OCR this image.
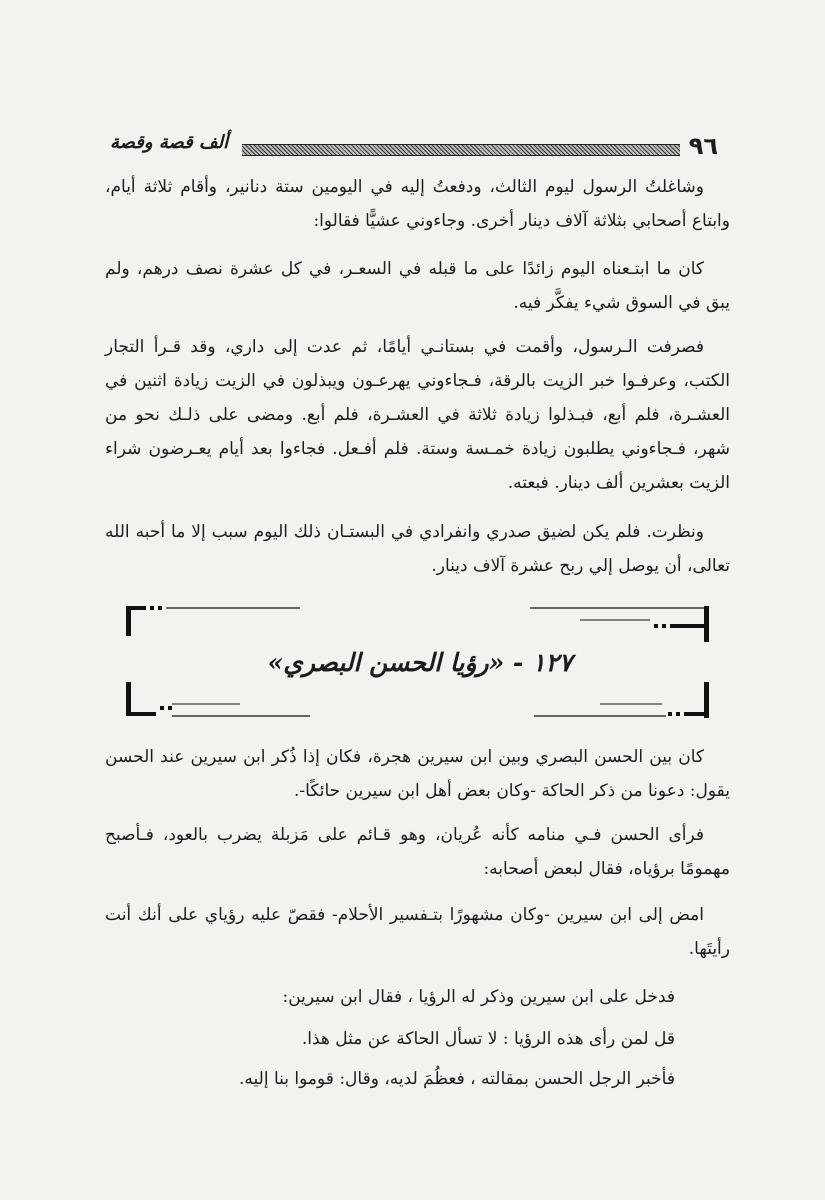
ألف قصة وقصة	٩٦

وشاغلتُ الرسول ليوم الثالث، ودفعتُ إليه في اليومين ستة دنانير، وأقام ثلاثة أيام، وابتاع أصحابي بثلاثة آلاف دينار أخرى. وجاءوني عشيًّا فقالوا:

كان ما ابتـعناه اليوم زائدًا على ما قبله في السعـر، في كل عشرة نصف درهم، ولم يبق في السوق شيء يفكَّر فيه.

فصرفت الـرسول، وأقمت في بستانـي أيامًا، ثم عدت إلى داري، وقد قـرأ التجار الكتب، وعرفـوا خبر الزيت بالرقة، فـجاءوني يهرعـون ويبذلون في الزيت زيادة اثنين في العشـرة، فلم أبع، فبـذلوا زيادة ثلاثة في العشـرة، فلم أبع. ومضى على ذلـك نحو من شهر، فـجاءوني يطلبون زيادة خمـسة وستة. فلم أفـعل. فجاءوا بعد أيام يعـرضون شراء الزيت بعشرين ألف دينار. فبعته.

ونظرت. فلم يكن لضيق صدري وانفرادي في البستـان ذلك اليوم سبب إلا ما أحبه الله تعالى، أن يوصل إلي ربح عشرة آلاف دينار.

١٢٧ - «رؤيا الحسن البصري»

كان بين الحسن البصري وبين ابن سيرين هجرة، فكان إذا ذُكر ابن سيرين عند الحسن يقول: دعونا من ذكر الحاكة -وكان بعض أهل ابن سيرين حائكًا-.

فرأى الحسن فـي منامه كأنه عُريان، وهو قـائم على مَزبلة يضرب بالعود، فـأصبح مهمومًا برؤياه، فقال لبعض أصحابه:

امض إلى ابن سيرين -وكان مشهورًا بتـفسير الأحلام- فقصّ عليه رؤياي على أنك أنت رأيتَها.

فدخل على ابن سيرين وذكر له الرؤيا ، فقال ابن سيرين:

قل لمن رأى هذه الرؤيا : لا تسأل الحاكة عن مثل هذا.

فأخبر الرجل الحسن بمقالته ، فعظُمَ لديه، وقال: قوموا بنا إليه.
